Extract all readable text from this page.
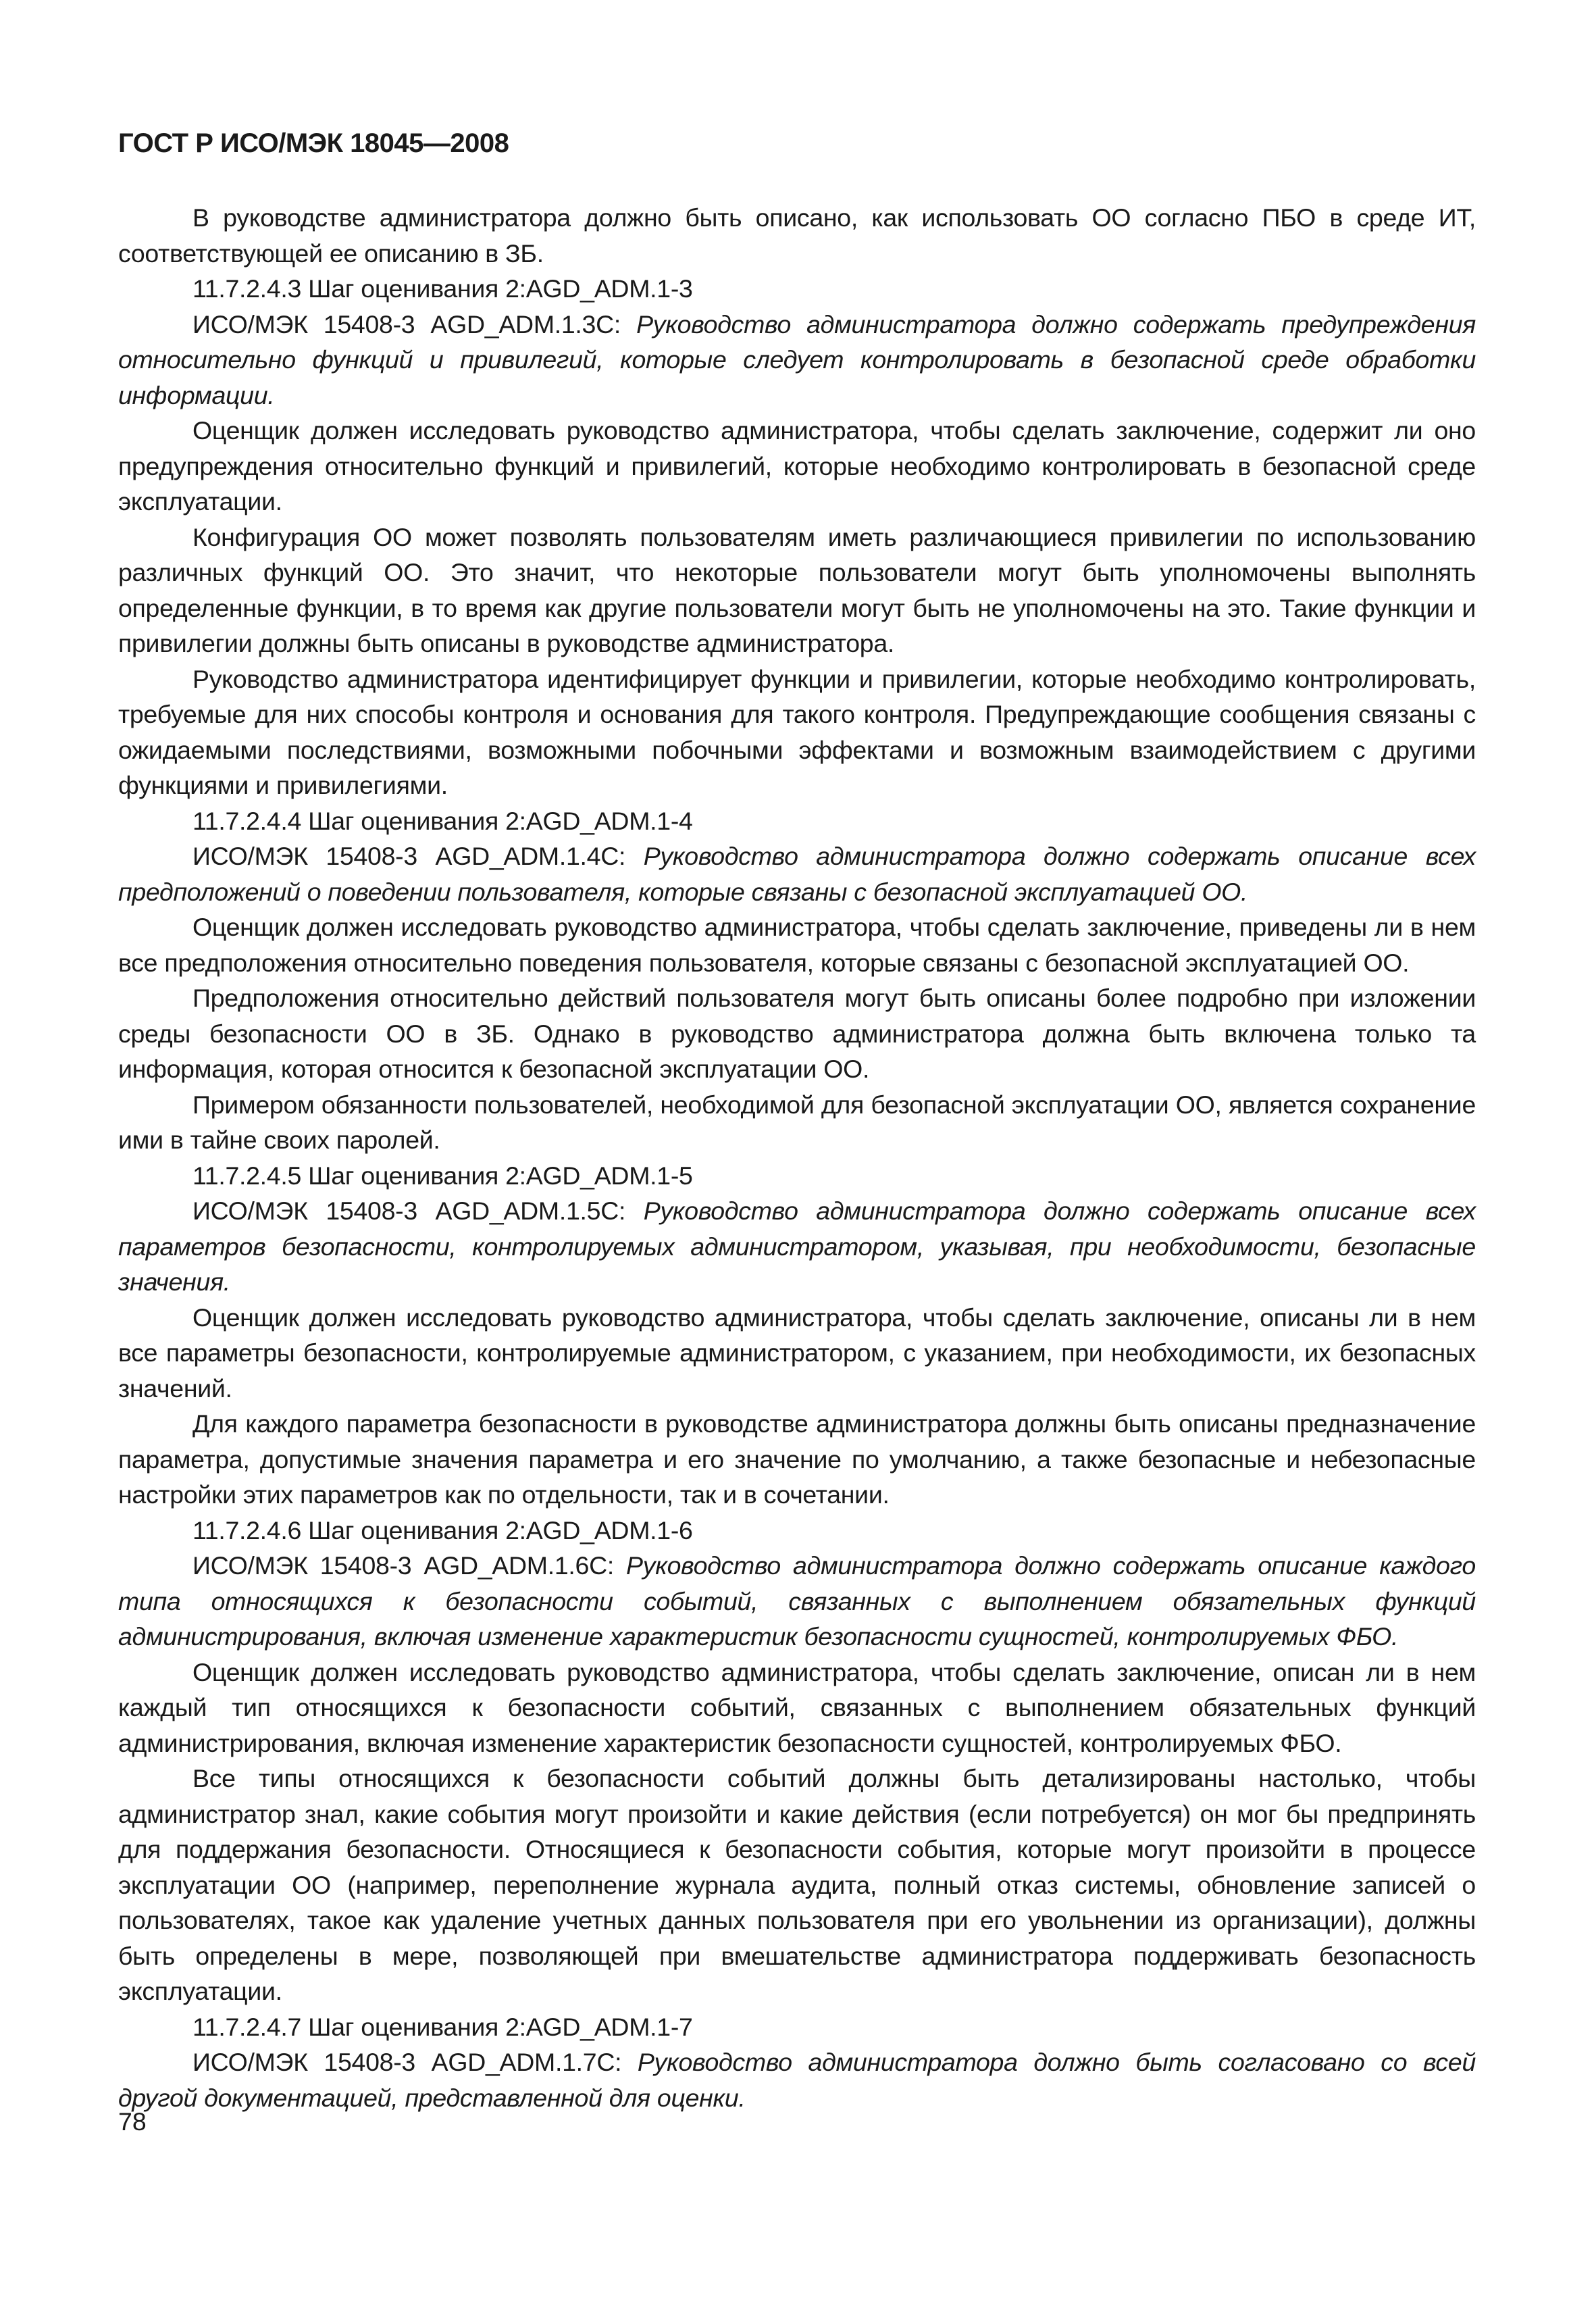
ГОСТ Р ИСО/МЭК 18045—2008

В руководстве администратора должно быть описано, как использовать ОО согласно ПБО в среде ИТ, соответствующей ее описанию в ЗБ.

11.7.2.4.3 Шаг оценивания 2:AGD_ADM.1-3

ИСО/МЭК 15408-3 AGD_ADM.1.3C: Руководство администратора должно содержать предупреждения относительно функций и привилегий, которые следует контролировать в безопасной среде обработки информации.

Оценщик должен исследовать руководство администратора, чтобы сделать заключение, содержит ли оно предупреждения относительно функций и привилегий, которые необходимо контролировать в безопасной среде эксплуатации.

Конфигурация ОО может позволять пользователям иметь различающиеся привилегии по использованию различных функций ОО. Это значит, что некоторые пользователи могут быть уполномочены выполнять определенные функции, в то время как другие пользователи могут быть не уполномочены на это. Такие функции и привилегии должны быть описаны в руководстве администратора.

Руководство администратора идентифицирует функции и привилегии, которые необходимо контролировать, требуемые для них способы контроля и основания для такого контроля. Предупреждающие сообщения связаны с ожидаемыми последствиями, возможными побочными эффектами и возможным взаимодействием с другими функциями и привилегиями.

11.7.2.4.4 Шаг оценивания 2:AGD_ADM.1-4

ИСО/МЭК 15408-3 AGD_ADM.1.4C: Руководство администратора должно содержать описание всех предположений о поведении пользователя, которые связаны с безопасной эксплуатацией ОО.

Оценщик должен исследовать руководство администратора, чтобы сделать заключение, приведены ли в нем все предположения относительно поведения пользователя, которые связаны с безопасной эксплуатацией ОО.

Предположения относительно действий пользователя могут быть описаны более подробно при изложении среды безопасности ОО в ЗБ. Однако в руководство администратора должна быть включена только та информация, которая относится к безопасной эксплуатации ОО.

Примером обязанности пользователей, необходимой для безопасной эксплуатации ОО, является сохранение ими в тайне своих паролей.

11.7.2.4.5 Шаг оценивания 2:AGD_ADM.1-5

ИСО/МЭК 15408-3 AGD_ADM.1.5C: Руководство администратора должно содержать описание всех параметров безопасности, контролируемых администратором, указывая, при необходимости, безопасные значения.

Оценщик должен исследовать руководство администратора, чтобы сделать заключение, описаны ли в нем все параметры безопасности, контролируемые администратором, с указанием, при необходимости, их безопасных значений.

Для каждого параметра безопасности в руководстве администратора должны быть описаны предназначение параметра, допустимые значения параметра и его значение по умолчанию, а также безопасные и небезопасные настройки этих параметров как по отдельности, так и в сочетании.

11.7.2.4.6 Шаг оценивания 2:AGD_ADM.1-6

ИСО/МЭК 15408-3 AGD_ADM.1.6C: Руководство администратора должно содержать описание каждого типа относящихся к безопасности событий, связанных с выполнением обязательных функций администрирования, включая изменение характеристик безопасности сущностей, контролируемых ФБО.

Оценщик должен исследовать руководство администратора, чтобы сделать заключение, описан ли в нем каждый тип относящихся к безопасности событий, связанных с выполнением обязательных функций администрирования, включая изменение характеристик безопасности сущностей, контролируемых ФБО.

Все типы относящихся к безопасности событий должны быть детализированы настолько, чтобы администратор знал, какие события могут произойти и какие действия (если потребуется) он мог бы предпринять для поддержания безопасности. Относящиеся к безопасности события, которые могут произойти в процессе эксплуатации ОО (например, переполнение журнала аудита, полный отказ системы, обновление записей о пользователях, такое как удаление учетных данных пользователя при его увольнении из организации), должны быть определены в мере, позволяющей при вмешательстве администратора поддерживать безопасность эксплуатации.

11.7.2.4.7 Шаг оценивания 2:AGD_ADM.1-7

ИСО/МЭК 15408-3 AGD_ADM.1.7C: Руководство администратора должно быть согласовано со всей другой документацией, представленной для оценки.

78
